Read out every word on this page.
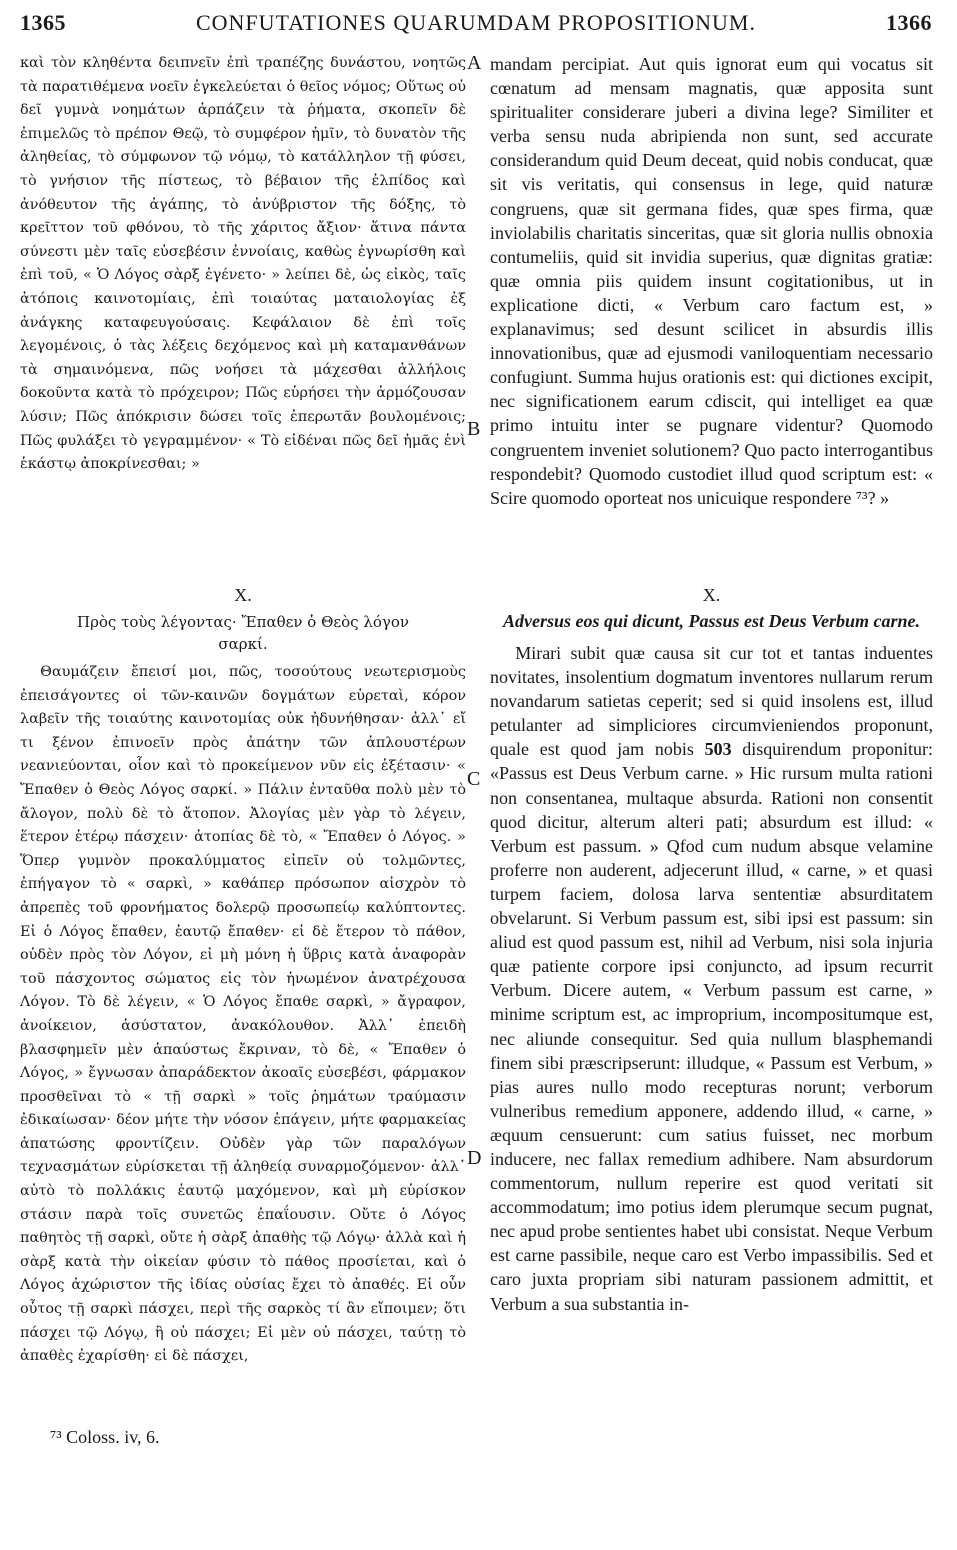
1365	CONFUTATIONES QUARUMDAM PROPOSITIONUM.	1366

καὶ τὸν κληθέντα δειπνεῖν ἐπὶ τραπέζης δυνάστου, νοητῶς τὰ παρατιθέμενα νοεῖν ἐγκελεύεται ὁ θεῖος νόμος; Οὕτως οὐ δεῖ γυμνὰ νοημάτων ἁρπάζειν τὰ ῥήματα, σκοπεῖν δὲ ἐπιμελῶς τὸ πρέπον Θεῷ, τὸ συμφέρον ἡμῖν, τὸ δυνατὸν τῆς ἀληθείας, τὸ σύμφωνον τῷ νόμῳ, τὸ κατάλληλον τῇ φύσει, τὸ γνήσιον τῆς πίστεως, τὸ βέβαιον τῆς ἐλπίδος καὶ ἀνόθευτον τῆς ἀγάπης, τὸ ἀνύβριστον τῆς δόξης, τὸ κρεῖττον τοῦ φθόνου, τὸ τῆς χάριτος ἄξιον· ἅτινα πάντα σύνεστι μὲν ταῖς εὐσεβέσιν ἐννοίαις, καθὼς ἐγνωρίσθη καὶ ἐπὶ τοῦ, « Ὁ Λόγος σὰρξ ἐγένετο· » λείπει δὲ, ὡς εἰκὸς, ταῖς ἀτόποις καινοτομίαις, ἐπὶ τοιαύτας ματαιολογίας ἐξ ἀνάγκης καταφευγούσαις. Κεφάλαιον δὲ ἐπὶ τοῖς λεγομένοις, ὁ τὰς λέξεις δεχόμενος καὶ μὴ καταμανθάνων τὰ σημαινόμενα, πῶς νοήσει τὰ μάχεσθαι ἀλλήλοις δοκοῦντα κατὰ τὸ πρόχειρον; Πῶς εὑρήσει τὴν ἁρμόζουσαν λύσιν; Πῶς ἀπόκρισιν δώσει τοῖς ἐπερωτᾶν βουλομένοις; Πῶς φυλάξει τὸ γεγραμμένον· « Τὸ εἰδέναι πῶς δεῖ ἡμᾶς ἑνὶ ἑκάστῳ ἀποκρίνεσθαι; »

mandam percipiat. Aut quis ignorat eum qui vocatus sit cœnatum ad mensam magnatis, quæ apposita sunt spiritualiter considerare juberi a divina lege? Similiter et verba sensu nuda abripienda non sunt, sed accurate considerandum quid Deum deceat, quid nobis conducat, quæ sit vis veritatis, qui consensus in lege, quid naturæ congruens, quæ sit germana fides, quæ spes firma, quæ inviolabilis charitatis sinceritas, quæ sit gloria nullis obnoxia contumeliis, quid sit invidia superius, quæ dignitas gratiæ: quæ omnia piis quidem insunt cogitationibus, ut in explicatione dicti, « Verbum caro factum est, » explanavimus; sed desunt scilicet in absurdis illis innovationibus, quæ ad ejusmodi vaniloquentiam necessario confugiunt. Summa hujus orationis est: qui dictiones excipit, nec significationem earum cdiscit, qui intelliget ea quæ primo intuitu inter se pugnare videntur? Quomodo congruentem inveniet solutionem? Quo pacto interrogantibus respondebit? Quomodo custodiet illud quod scriptum est: « Scire quomodo oporteat nos unicuique respondere ⁷³? »

A
B
C
D
X.
Πρὸς τοὺς λέγοντας· Ἔπαθεν ὁ Θεὸς λόγον σαρκί.

Θαυμάζειν ἔπεισί μοι, πῶς, τοσούτους νεωτερισμοὺς ἐπεισάγοντες οἱ τῶν-καινῶν δογμάτων εὑρεταὶ, κόρον λαβεῖν τῆς τοιαύτης καινοτομίας οὐκ ἠδυνήθησαν· ἀλλ᾽ εἴ τι ξένον ἐπινοεῖν πρὸς ἀπάτην τῶν ἁπλουστέρων νεανιεύονται, οἷον καὶ τὸ προκείμενον νῦν εἰς ἐξέτασιν· « Ἔπαθεν ὁ Θεὸς Λόγος σαρκί. » Πάλιν ἐνταῦθα πολὺ μὲν τὸ ἄλογον, πολὺ δὲ τὸ ἄτοπον. Ἀλογίας μὲν γὰρ τὸ λέγειν, ἕτερον ἑτέρῳ πάσχειν· ἀτοπίας δὲ τὸ, « Ἔπαθεν ὁ Λόγος. » Ὅπερ γυμνὸν προκαλύμματος εἰπεῖν οὐ τολμῶντες, ἐπήγαγον τὸ « σαρκὶ, » καθάπερ πρόσωπον αἰσχρὸν τὸ ἀπρεπὲς τοῦ φρονήματος δολερῷ προσωπείῳ καλύπτοντες. Εἰ ὁ Λόγος ἔπαθεν, ἑαυτῷ ἔπαθεν· εἰ δὲ ἕτερον τὸ πάθον, οὐδὲν πρὸς τὸν Λόγον, εἰ μὴ μόνη ἡ ὕβρις κατὰ ἀναφορὰν τοῦ πάσχοντος σώματος εἰς τὸν ἡνωμένον ἀνατρέχουσα Λόγον. Τὸ δὲ λέγειν, « Ὁ Λόγος ἔπαθε σαρκὶ, » ἄγραφον, ἀνοίκειον, ἀσύστατον, ἀνακόλουθον. Ἀλλ᾽ ἐπειδὴ βλασφημεῖν μὲν ἀπαύστως ἔκριναν, τὸ δὲ, « Ἔπαθεν ὁ Λόγος, » ἔγνωσαν ἀπαράδεκτον ἀκοαῖς εὐσεβέσι, φάρμακον προσθεῖναι τὸ « τῇ σαρκὶ » τοῖς ῥημάτων τραύμασιν ἐδικαίωσαν· δέον μήτε τὴν νόσον ἐπάγειν, μήτε φαρμακείας ἀπατώσης φροντίζειν. Οὐδὲν γὰρ τῶν παραλόγων τεχνασμάτων εὑρίσκεται τῇ ἀληθείᾳ συναρμοζόμενον· ἀλλ᾽ αὐτὸ τὸ πολλάκις ἑαυτῷ μαχόμενον, καὶ μὴ εὑρίσκον στάσιν παρὰ τοῖς συνετῶς ἐπαΐουσιν. Οὔτε ὁ Λόγος παθητὸς τῇ σαρκὶ, οὔτε ἡ σὰρξ ἀπαθὴς τῷ Λόγῳ· ἀλλὰ καὶ ἡ σὰρξ κατὰ τὴν οἰκείαν φύσιν τὸ πάθος προσίεται, καὶ ὁ Λόγος ἀχώριστον τῆς ἰδίας οὐσίας ἔχει τὸ ἀπαθές. Εἰ οὖν οὗτος τῇ σαρκὶ πάσχει, περὶ τῆς σαρκὸς τί ἂν εἴποιμεν; ὅτι πάσχει τῷ Λόγῳ, ἢ οὐ πάσχει; Εἰ μὲν οὐ πάσχει, ταύτῃ τὸ ἀπαθὲς ἐχαρίσθη· εἰ δὲ πάσχει,

X.
Adversus eos qui dicunt, Passus est Deus Verbum carne.

Mirari subit quæ causa sit cur tot et tantas induentes novitates, insolentium dogmatum inventores nullarum rerum novandarum satietas ceperit; sed si quid insolens est, illud petulanter ad simpliciores circumvieniendos proponunt, quale est quod jam nobis 503 disquirendum proponitur: «Passus est Deus Verbum carne. » Hic rursum multa rationi non consentanea, multaque absurda. Rationi non consentit quod dicitur, alterum alteri pati; absurdum est illud: « Verbum est passum. » Qfod cum nudum absque velamine proferre non auderent, adjecerunt illud, « carne, » et quasi turpem faciem, dolosa larva sententiæ absurditatem obvelarunt. Si Verbum passum est, sibi ipsi est passum: sin aliud est quod passum est, nihil ad Verbum, nisi sola injuria quæ patiente corpore ipsi conjuncto, ad ipsum recurrit Verbum. Dicere autem, « Verbum passum est carne, » minime scriptum est, ac improprium, incompositumque est, nec aliunde consequitur. Sed quia nullum blasphemandi finem sibi præscripserunt: illudque, « Passum est Verbum, » pias aures nullo modo recepturas norunt; verborum vulneribus remedium apponere, addendo illud, « carne, » æquum censuerunt: cum satius fuisset, nec morbum inducere, nec fallax remedium adhibere. Nam absurdorum commentorum, nullum reperire est quod veritati sit accommodatum; imo potius idem plerumque secum pugnat, nec apud probe sentientes habet ubi consistat. Neque Verbum est carne passibile, neque caro est Verbo impassibilis. Sed et caro juxta propriam sibi naturam passionem admittit, et Verbum a sua substantia in-

⁷³ Coloss. iv, 6.
